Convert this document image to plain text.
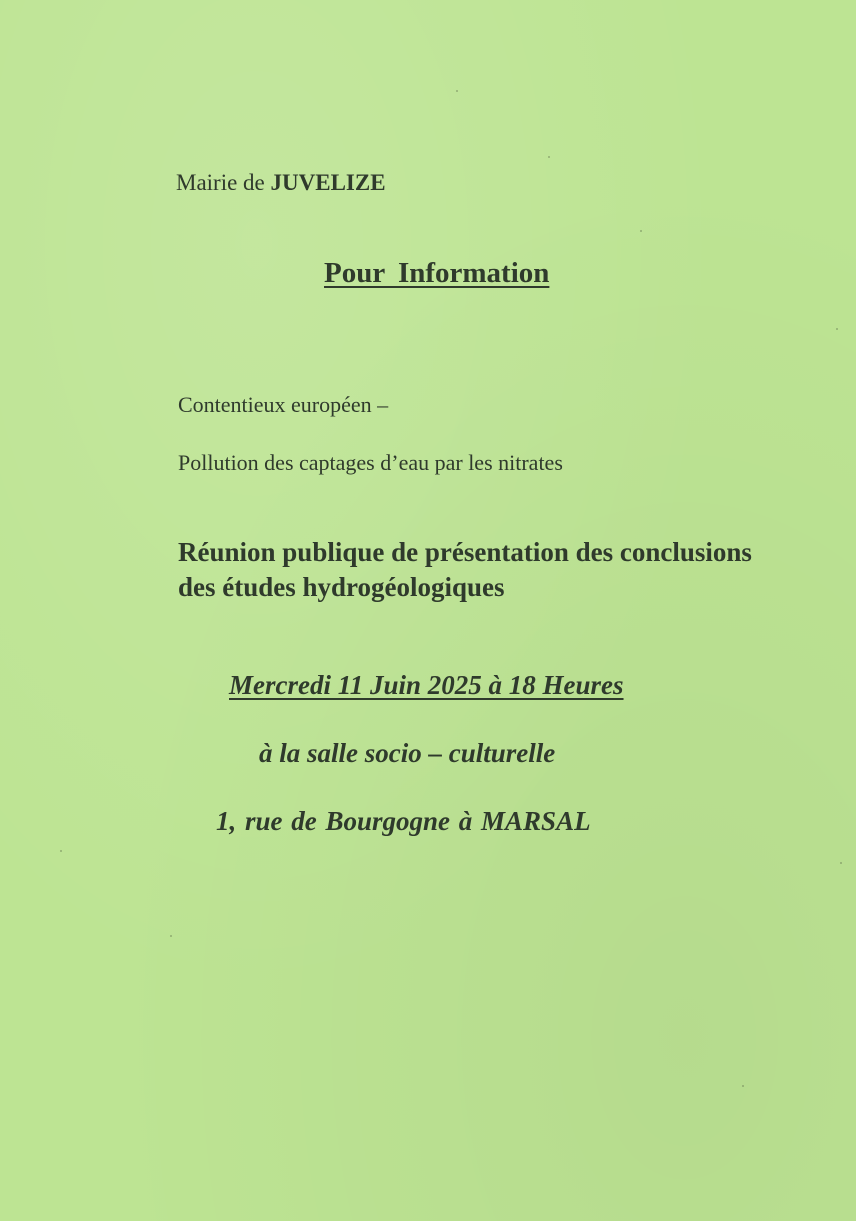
Mairie de JUVELIZE
Pour Information
Contentieux européen –
Pollution des captages d’eau par les nitrates
Réunion publique de présentation des conclusions
des études hydrogéologiques
Mercredi 11 Juin 2025 à 18 Heures
à la salle socio – culturelle
1, rue de Bourgogne à MARSAL
